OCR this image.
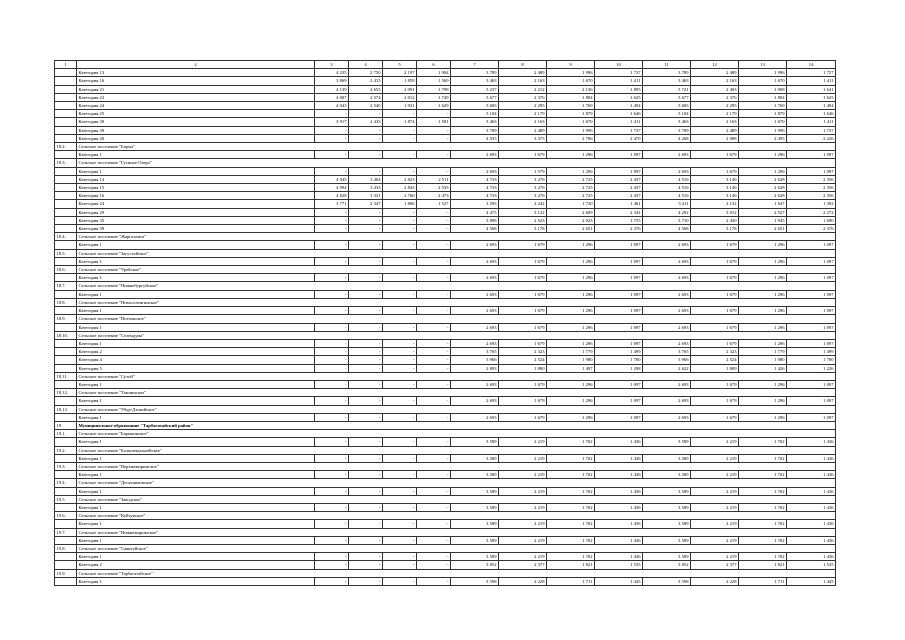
1	2	3	4	5	6	7	8	9	10	11	12	13	14
	Категория 13	4 235	2 750	2 197	1 904	3 789	2 489	1 996	1 737	3 789	2 489	1 996	1 757
	Категория 16	3 869	2 415	1 859	1 569	3 463	2 163	1 670	1 411	3 463	2 163	1 670	1 411
	Категория 21	4 139	2 653	2 091	1 798	3 237	2 212	2 136	1 895	3 721	2 403	1 908	1 641
	Категория 22	4 007	2 574	2 012	1 749	3 677	2 376	1 884	1 625	3 677	2 376	1 884	1 625
	Категория 24	4 043	2 540	1 931	1 629	3 683	2 295	1 769	1 494	3 683	2 295	1 769	1 494
	Категория 25	-	-	-	-	3 104	2 179	1 879	1 646	3 104	2 179	1 879	1 646
	Категория 30	3 917	2 433	1 874	1 581	3 463	2 163	1 670	1 411	3 463	2 163	1 670	1 411
	Категория 39	-	-	-	-	3 789	2 489	1 996	1 737	3 789	2 489	1 996	1 737
	Категория 40	-	-	-	-	4 935	3 375	2 786	2 470	4 268	2 988	2 495	2 226
18.2.	Сельское поселение "Бархы"												
	Категория 1	-	-	-	-	2 693	1 679	1 296	1 097	2 693	1 679	1 296	1 097
18.3.	Сельское поселение "Гусиное Озеро"												
	Категория 1	-	-	-	-	2 693	1 579	1 296	1 097	2 693	1 679	1 296	1 097
	Категория 14	4 945	3 404	2 823	2 511	4 733	3 276	2 725	2 437	4 516	3 146	2 628	2 356
	Категория 15	4 994	3 433	2 843	2 535	4 733	3 276	2 725	2 437	4 516	3 146	2 628	2 356
	Категория 16	4 828	3 331	2 760	2 473	4 733	3 276	2 725	2 437	4 516	3 146	2 628	2 356
	Категория 24	3 771	2 347	1 806	1 527	3 593	2 242	1 720	1 461	3 411	2 132	1 647	1 392
	Категория 29	-	-	-	-	4 475	3 122	2 609	2 341	4 292	3 012	2 527	2 272
	Категория 35	-	-	-	-	3 898	2 523	2 023	1 755	3 710	2 430	1 945	1 690
	Категория 39	-	-	-	-	4 568	3 178	2 651	2 376	4 568	3 178	2 651	2 376
18.4.	Сельское поселение "Жаргаланта"												
	Категория 1	-	-	-	-	2 693	1 679	1 296	1 097	2 693	1 679	1 296	1 097
18.5.	Сельское поселение "Загустайское"												
	Категория 1	-	-	-	-	2 693	1 679	1 296	1 097	2 693	1 679	1 296	1 097
18.6.	Сельское поселение "Урейское"												
	Категория 1	-	-	-	-	2 693	1 679	1 296	1 097	2 693	1 679	1 296	1 097
18.7.	Сельское поселение "Нижнебургуйское"												
	Категория 1	-	-	-	-	2 693	1 679	1 296	1 097	2 693	1 679	1 296	1 097
18.8.	Сельское поселение "Новоселенгинское"												
	Категория 1	-	-	-	-	2 693	1 679	1 296	1 097	2 693	1 679	1 296	1 097
18.9.	Сельское поселение "Ноехонское"												
	Категория 1	-	-	-	-	2 693	1 679	1 296	1 097	2 693	1 679	1 296	1 097
18.10.	Сельское поселение "Селендума"												
	Категория 1	-	-	-	-	2 693	1 679	1 296	1 097	2 693	1 679	1 296	1 097
	Категория 2	-	-	-	-	3 765	2 323	1 779	1 499	3 765	2 323	1 779	1 499
	Категория 4	-	-	-	-	3 966	2 524	1 980	1 700	3 966	2 524	1 980	1 700
	Категория 5	-	-	-	-	2 893	1 880	1 497	1 298	2 622	1 809	1 426	1 226
18.11.	Сельское поселение "Сутой"												
	Категория 1	-	-	-	-	2 693	1 679	1 296	1 097	2 693	1 679	1 296	1 097
18.12.	Сельское поселение "Тамчинское"												
	Категория 1	-	-	-	-	2 693	1 679	1 296	1 097	2 693	1 679	1 296	1 097
18.13.	Сельское поселение "Убур-Дзокойское"												
	Категория 1	-	-	-	-	2 693	1 679	1 296	1 097	2 693	1 679	1 296	1 097
19.	Муниципальное образование "Тарбагатайский район"												
19.1.	Сельское поселение "Барыкинское"												
	Категория 1	-	-	-	-	3 589	2 219	1 702	1 436	3 589	2 219	1 702	1 436
19.2.	Сельское поселение "Большекуналейское"												
	Категория 1	-	-	-	-	3 589	2 219	1 702	1 436	3 589	2 219	1 702	1 436
19.3.	Сельское поселение "Верхнежиримское"												
	Категория 1	-	-	-	-	3 589	2 219	1 702	1 436	3 589	2 219	1 702	1 436
19.4.	Сельское поселение "Десятниковское"												
	Категория 1	-	-	-	-	3 589	2 219	1 702	1 436	3 589	2 219	1 702	1 436
19.5.	Сельское поселение "Заводское"												
	Категория 1	-	-	-	-	3 589	2 219	1 702	1 436	3 589	2 219	1 702	1 436
19.6.	Сельское поселение "Куйтунское"												
	Категория 1	-	-	-	-	3 589	2 219	1 702	1 436	3 589	2 219	1 702	1 436
19.7.	Сельское поселение "Нижнежиримское"												
	Категория 1	-	-	-	-	3 589	2 219	1 702	1 436	3 589	2 219	1 702	1 436
19.8.	Сельское поселение "Саянтуйское"												
	Категория 1	-	-	-	-	3 589	2 219	1 702	1 436	3 589	2 219	1 702	1 436
	Категория 2	-	-	-	-	3 852	2 377	1 821	1 535	3 852	2 377	1 821	1 535
19.9.	Сельское поселение "Тарбагатайское"												
	Категория 1	-	-	-	-	3 598	2 228	1 711	1 445	3 598	2 228	1 711	1 445
